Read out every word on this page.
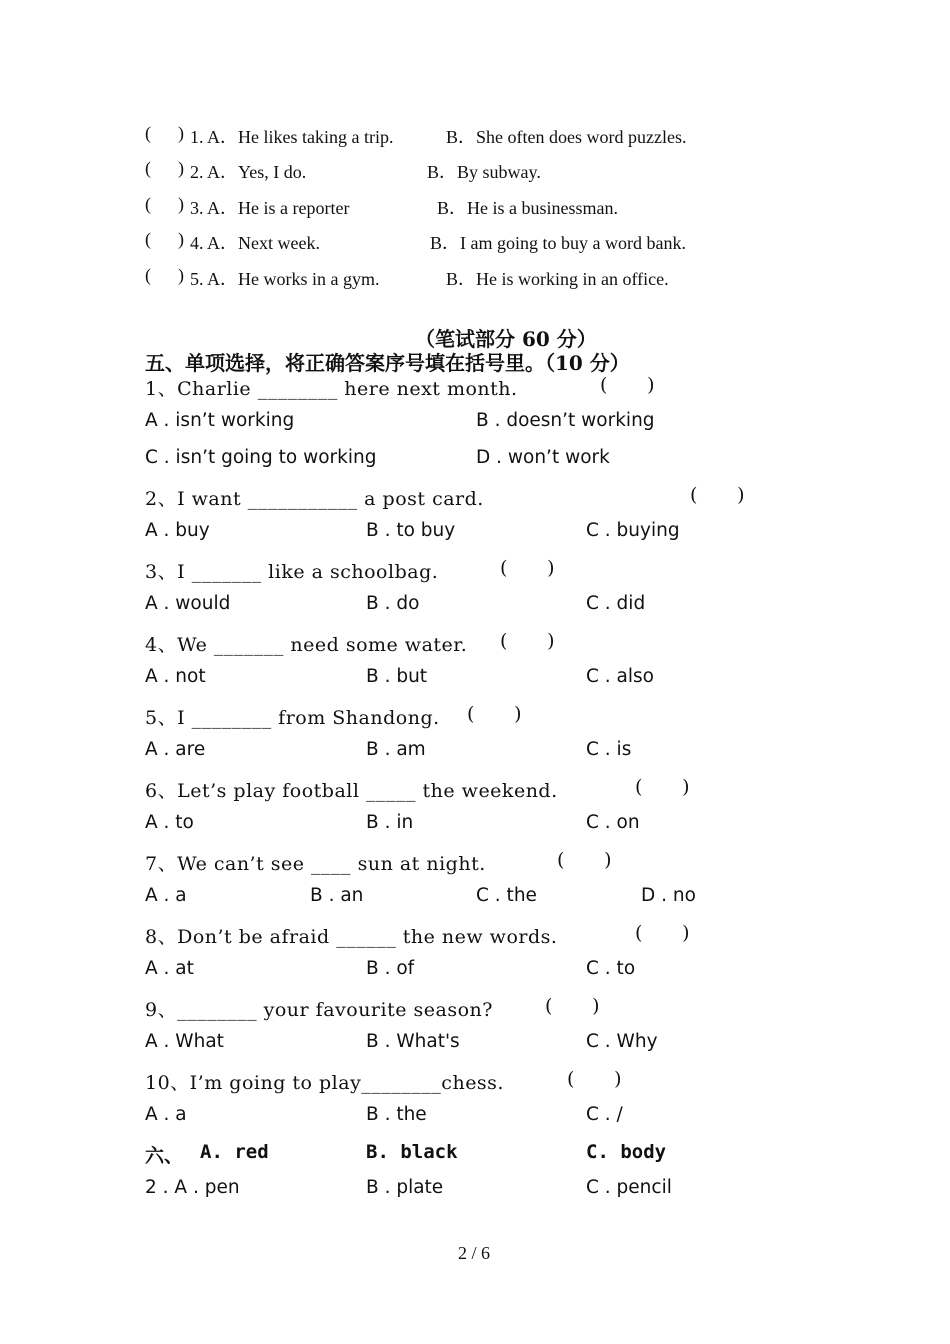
(      ) 1. A．He likes taking a trip.	B．She often does word puzzles.
(      ) 2. A．Yes, I do.	B．By subway.
(      ) 3. A．He is a reporter	B．He is a businessman.
(      ) 4. A．Next week.	B．I am going to buy a word bank.
(      ) 5. A．He works in a gym.	B．He is working in an office.
（笔试部分 60 分）
五、单项选择，将正确答案序号填在括号里。（10 分）
1、Charlie ________ here next month.	(      )
A . isn’t working	B . doesn’t working
C . isn’t going to working	D . won’t work
2、I want ___________ a post card.	(      )
A . buy	B . to buy	C . buying
3、I _______ like a schoolbag.	(      )
A . would	B . do	C . did
4、We _______ need some water. (      )
A . not	B . but	C . also
5、I ________ from Shandong. (      )
A . are	B . am	C . is
6、Let’s play football _____ the weekend.	(      )
A . to	B . in	C . on
7、We can’t see ____ sun at night.	(      )
A . a	B . an	C . the	D . no
8、Don’t be afraid ______ the new words.	(      )
A . at	B . of	C . to
9、________ your favourite season?	(      )
A . What	B . What's	C . Why
10、I’m going to play________chess.	(      )
A . a	B . the	C . /
六、 A. red	B. black	C. body
2 . A . pen	B . plate	C . pencil
2 / 6
